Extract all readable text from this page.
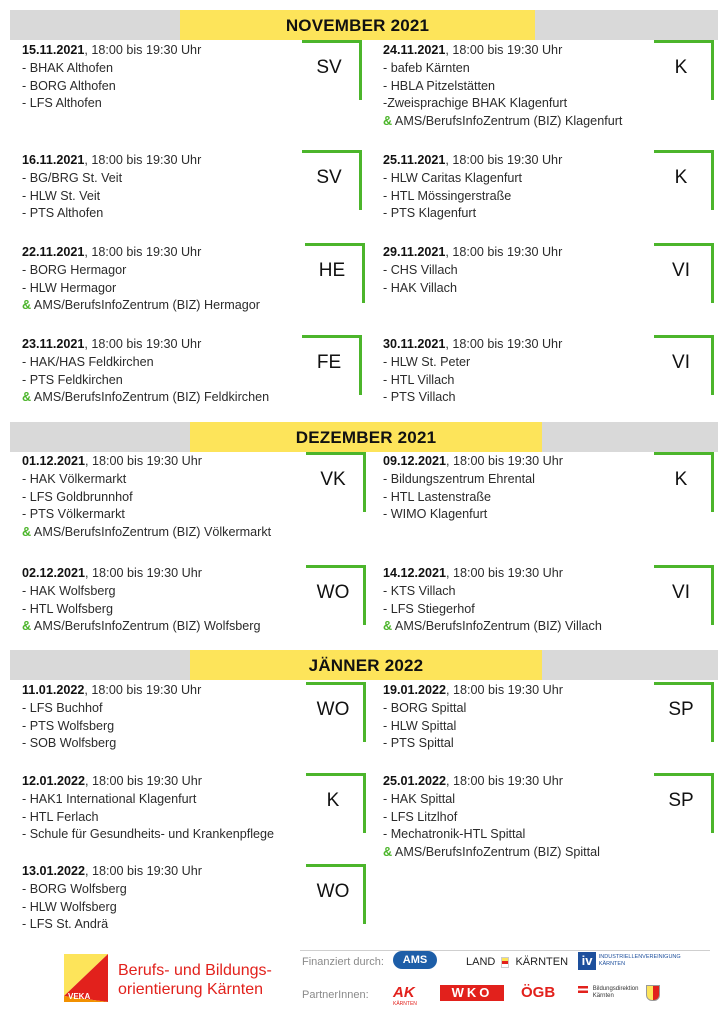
NOVEMBER 2021
DEZEMBER 2021
JÄNNER 2022
15.11.2021, 18:00 bis 19:30 Uhr
- BHAK Althofen
- BORG Althofen
- LFS Althofen
SV
24.11.2021, 18:00 bis 19:30 Uhr
- bafeb Kärnten
- HBLA Pitzelstätten
-Zweisprachige BHAK Klagenfurt
& AMS/BerufsInfoZentrum (BIZ) Klagenfurt
K
16.11.2021, 18:00 bis 19:30 Uhr
- BG/BRG St. Veit
- HLW St. Veit
- PTS Althofen
SV
25.11.2021, 18:00 bis 19:30 Uhr
- HLW Caritas Klagenfurt
- HTL Mössingerstraße
- PTS Klagenfurt
K
22.11.2021, 18:00 bis 19:30 Uhr
- BORG Hermagor
- HLW Hermagor
& AMS/BerufsInfoZentrum (BIZ) Hermagor
HE
29.11.2021, 18:00 bis 19:30 Uhr
- CHS Villach
- HAK Villach
VI
23.11.2021, 18:00 bis 19:30 Uhr
- HAK/HAS Feldkirchen
- PTS Feldkirchen
& AMS/BerufsInfoZentrum (BIZ) Feldkirchen
FE
30.11.2021, 18:00 bis 19:30 Uhr
- HLW St. Peter
- HTL Villach
- PTS Villach
VI
01.12.2021, 18:00 bis 19:30 Uhr
- HAK Völkermarkt
- LFS Goldbrunnhof
- PTS Völkermarkt
& AMS/BerufsInfoZentrum (BIZ) Völkermarkt
VK
09.12.2021, 18:00 bis 19:30 Uhr
- Bildungszentrum Ehrental
- HTL Lastenstraße
- WIMO Klagenfurt
K
02.12.2021, 18:00 bis 19:30 Uhr
- HAK Wolfsberg
- HTL Wolfsberg
& AMS/BerufsInfoZentrum (BIZ) Wolfsberg
WO
14.12.2021, 18:00 bis 19:30 Uhr
- KTS Villach
- LFS Stiegerhof
& AMS/BerufsInfoZentrum (BIZ) Villach
VI
11.01.2022, 18:00 bis 19:30 Uhr
- LFS Buchhof
- PTS Wolfsberg
- SOB Wolfsberg
WO
19.01.2022, 18:00 bis 19:30 Uhr
- BORG Spittal
- HLW Spittal
- PTS Spittal
SP
12.01.2022, 18:00 bis 19:30 Uhr
- HAK1 International Klagenfurt
- HTL Ferlach
- Schule für Gesundheits- und Krankenpflege
K
25.01.2022, 18:00 bis 19:30 Uhr
- HAK Spittal
- LFS Litzlhof
- Mechatronik-HTL Spittal
& AMS/BerufsInfoZentrum (BIZ) Spittal
SP
13.01.2022, 18:00 bis 19:30 Uhr
- BORG Wolfsberg
- HLW Wolfsberg
- LFS St. Andrä
WO
VEKA
Berufs- und Bildungs-
orientierung Kärnten
Finanziert durch:
PartnerInnen:
AMS	LAND KÄRNTEN iv INDUSTRIELLENVEREINIGUNG KÄRNTEN
AK
KÄRNTEN
WKO	ÖGB
	Bildungsdirektion
Kärnten
